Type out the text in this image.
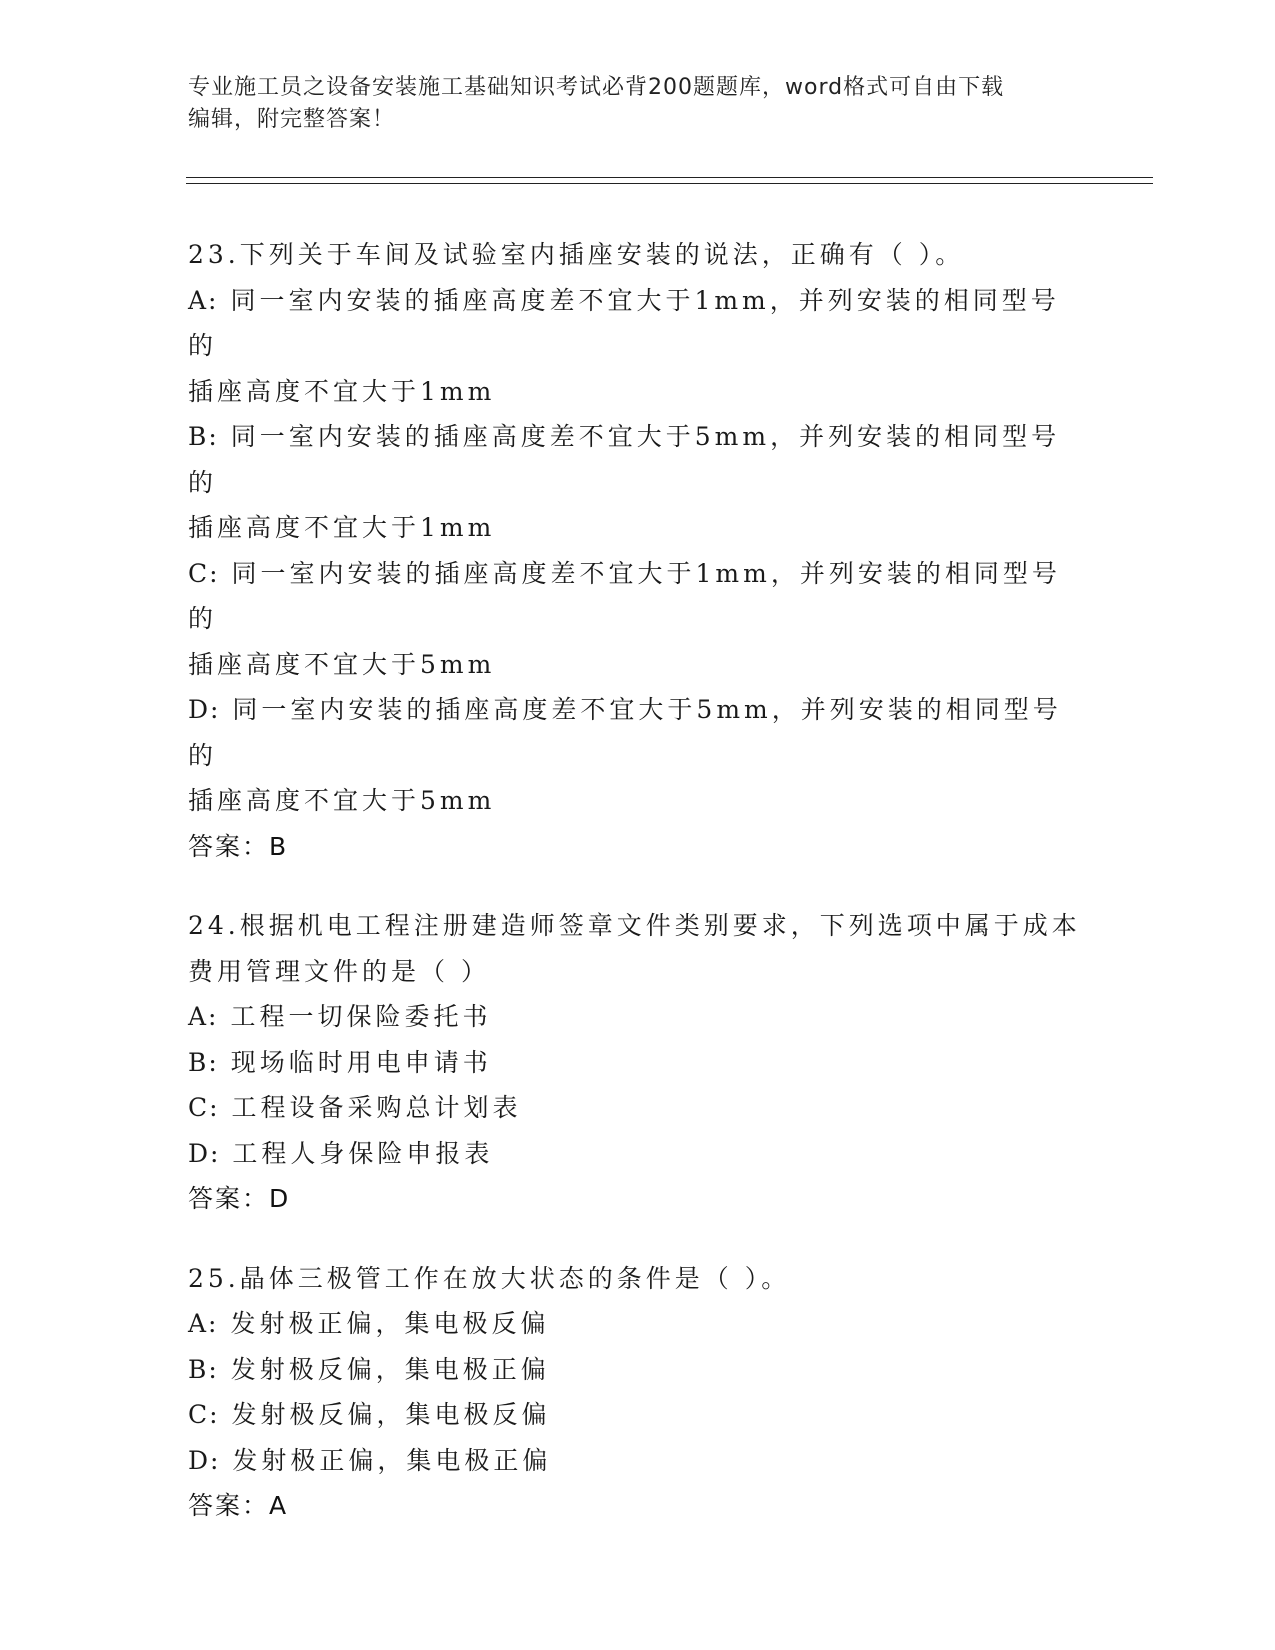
专业施工员之设备安装施工基础知识考试必背200题题库，word格式可自由下载
编辑，附完整答案！
23.下列关于车间及试验室内插座安装的说法，正确有（ ）。
A: 同一室内安装的插座高度差不宜大于1mm，并列安装的相同型号的
插座高度不宜大于1mm
B: 同一室内安装的插座高度差不宜大于5mm，并列安装的相同型号的
插座高度不宜大于1mm
C: 同一室内安装的插座高度差不宜大于1mm，并列安装的相同型号的
插座高度不宜大于5mm
D: 同一室内安装的插座高度差不宜大于5mm，并列安装的相同型号的
插座高度不宜大于5mm
答案：B
24.根据机电工程注册建造师签章文件类别要求，下列选项中属于成本
费用管理文件的是（ ）
A: 工程一切保险委托书
B: 现场临时用电申请书
C: 工程设备采购总计划表
D: 工程人身保险申报表
答案：D
25.晶体三极管工作在放大状态的条件是（ ）。
A: 发射极正偏，集电极反偏
B: 发射极反偏，集电极正偏
C: 发射极反偏，集电极反偏
D: 发射极正偏，集电极正偏
答案：A
